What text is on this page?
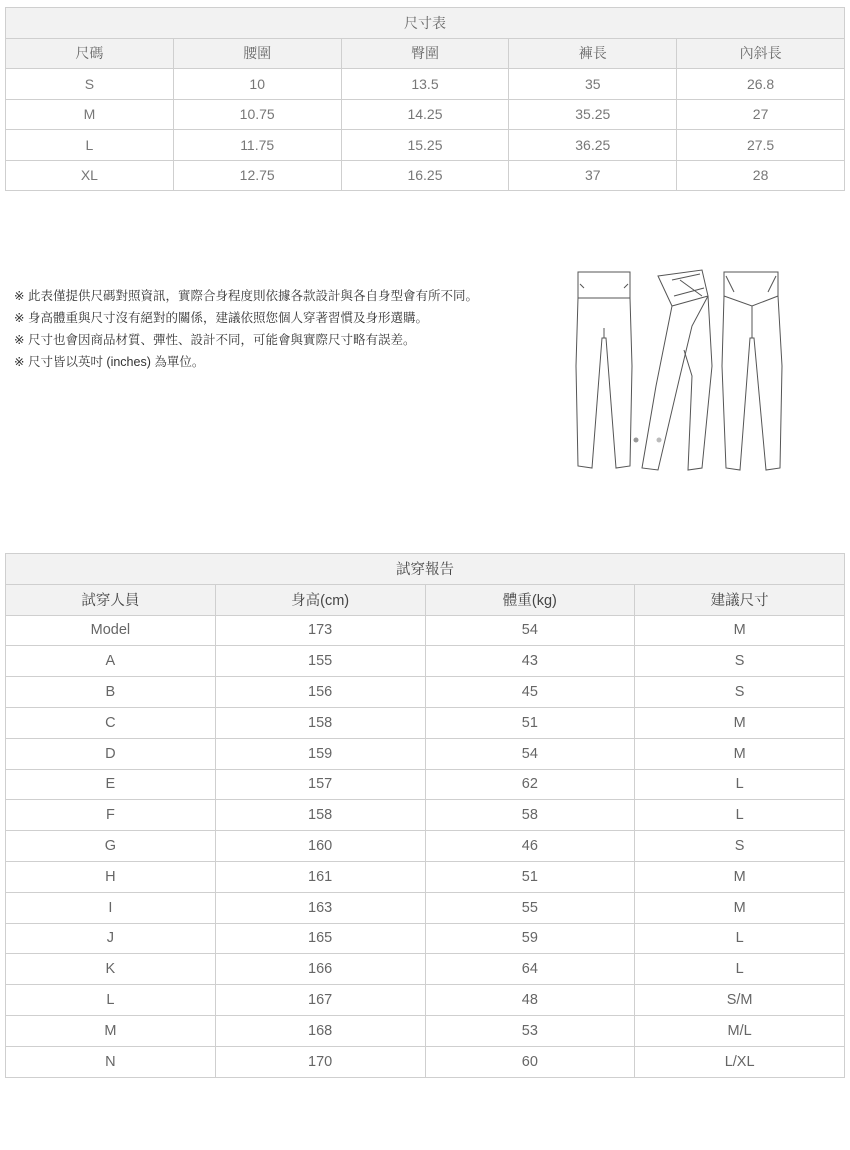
尺寸表				
尺碼	腰圍	臀圍	褲長	內斜長
S	10	13.5	35	26.8
M	10.75	14.25	35.25	27
L	11.75	15.25	36.25	27.5
XL	12.75	16.25	37	28

※ 此表僅提供尺碼對照資訊，實際合身程度則依據各款設計與各自身型會有所不同。

※ 身高體重與尺寸沒有絕對的關係，建議依照您個人穿著習慣及身形選購。

※ 尺寸也會因商品材質、彈性、設計不同，可能會與實際尺寸略有誤差。

※ 尺寸皆以英吋 (inches) 為單位。

試穿報告			
試穿人員	身高(cm)	體重(kg)	建議尺寸
Model	173	54	M
A	155	43	S
B	156	45	S
C	158	51	M
D	159	54	M
E	157	62	L
F	158	58	L
G	160	46	S
H	161	51	M
I	163	55	M
J	165	59	L
K	166	64	L
L	167	48	S/M
M	168	53	M/L
N	170	60	L/XL
